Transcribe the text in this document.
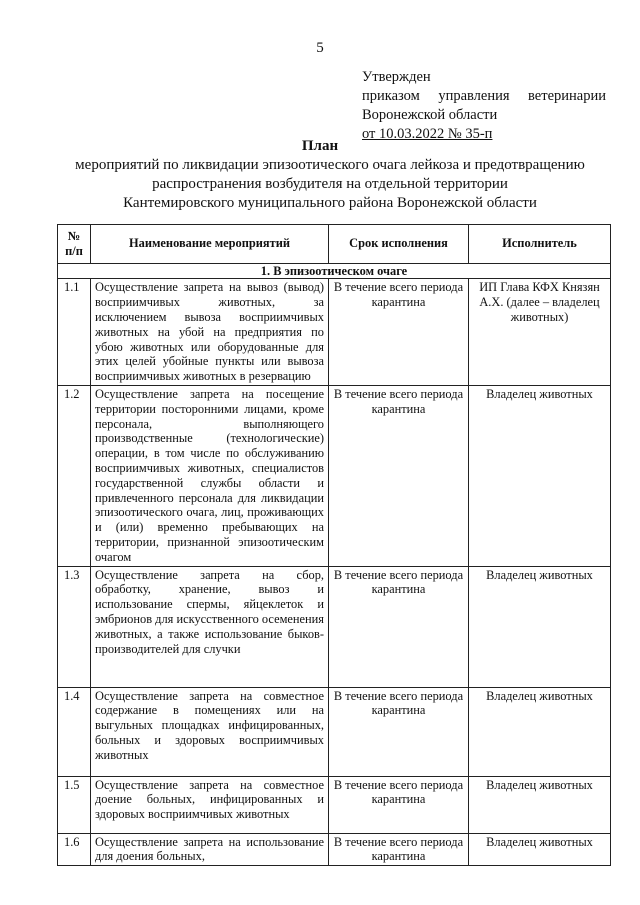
5
Утвержден
приказом управления ветеринарии
Воронежской области
от 10.03.2022 № 35-п
План
мероприятий по ликвидации эпизоотического очага лейкоза и предотвращению
распространения возбудителя на отдельной территории
Кантемировского муниципального района Воронежской области
№ п/п	Наименование мероприятий	Срок исполнения	Исполнитель
1. В эпизоотическом очаге			
1.1	Осуществление запрета на вывоз (вывод) восприимчивых животных, за исключением вывоза восприимчивых животных на убой на предприятия по убою животных или оборудованные для этих целей убойные пункты или вывоза восприимчивых животных в резервацию	В течение всего периода карантина	ИП Глава КФХ Князян А.Х. (далее – владелец животных)
1.2	Осуществление запрета на посещение территории посторонними лицами, кроме персонала, выполняющего производственные (технологические) операции, в том числе по обслуживанию восприимчивых животных, специалистов государственной службы области и привлеченного персонала для ликвидации эпизоотического очага, лиц, проживающих и (или) временно пребывающих на территории, признанной эпизоотическим очагом	В течение всего периода карантина	Владелец животных
1.3	Осуществление запрета на сбор, обработку, хранение, вывоз и использование спермы, яйцеклеток и эмбрионов для искусственного осеменения животных, а также использование быков-производителей для случки	В течение всего периода карантина	Владелец животных
1.4	Осуществление запрета на совместное содержание в помещениях или на выгульных площадках инфицированных, больных и здоровых восприимчивых животных	В течение всего периода карантина	Владелец животных
1.5	Осуществление запрета на совместное доение больных, инфицированных и здоровых восприимчивых животных	В течение всего периода карантина	Владелец животных
1.6	Осуществление запрета на использование для доения больных,	В течение всего периода карантина	Владелец животных
